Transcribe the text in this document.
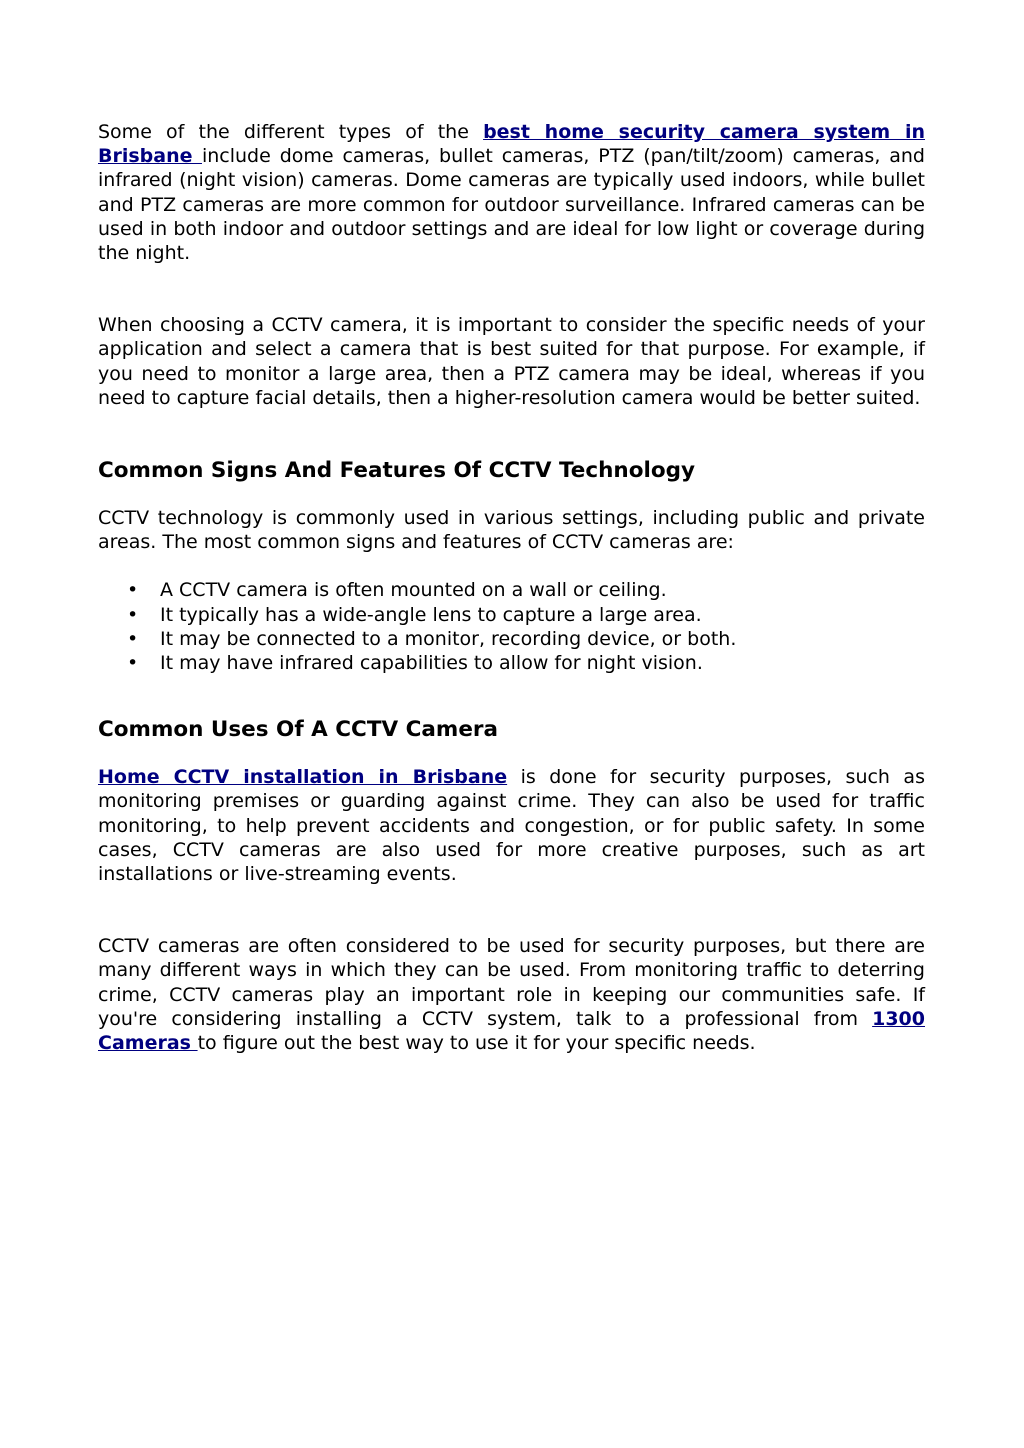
Some of the different types of the best home security camera system in Brisbane include dome cameras, bullet cameras, PTZ (pan/tilt/zoom) cameras, and infrared (night vision) cameras. Dome cameras are typically used indoors, while bullet and PTZ cameras are more common for outdoor surveillance. Infrared cameras can be used in both indoor and outdoor settings and are ideal for low light or coverage during the night.

When choosing a CCTV camera, it is important to consider the specific needs of your application and select a camera that is best suited for that purpose. For example, if you need to monitor a large area, then a PTZ camera may be ideal, whereas if you need to capture facial details, then a higher-resolution camera would be better suited.

Common Signs And Features Of CCTV Technology

CCTV technology is commonly used in various settings, including public and private areas. The most common signs and features of CCTV cameras are:

• A CCTV camera is often mounted on a wall or ceiling.
• It typically has a wide-angle lens to capture a large area.
• It may be connected to a monitor, recording device, or both.
• It may have infrared capabilities to allow for night vision.
Common Uses Of A CCTV Camera

Home CCTV installation in Brisbane is done for security purposes, such as monitoring premises or guarding against crime. They can also be used for traffic monitoring, to help prevent accidents and congestion, or for public safety. In some cases, CCTV cameras are also used for more creative purposes, such as art installations or live-streaming events.

CCTV cameras are often considered to be used for security purposes, but there are many different ways in which they can be used. From monitoring traffic to deterring crime, CCTV cameras play an important role in keeping our communities safe. If you're considering installing a CCTV system, talk to a professional from 1300 Cameras to figure out the best way to use it for your specific needs.
